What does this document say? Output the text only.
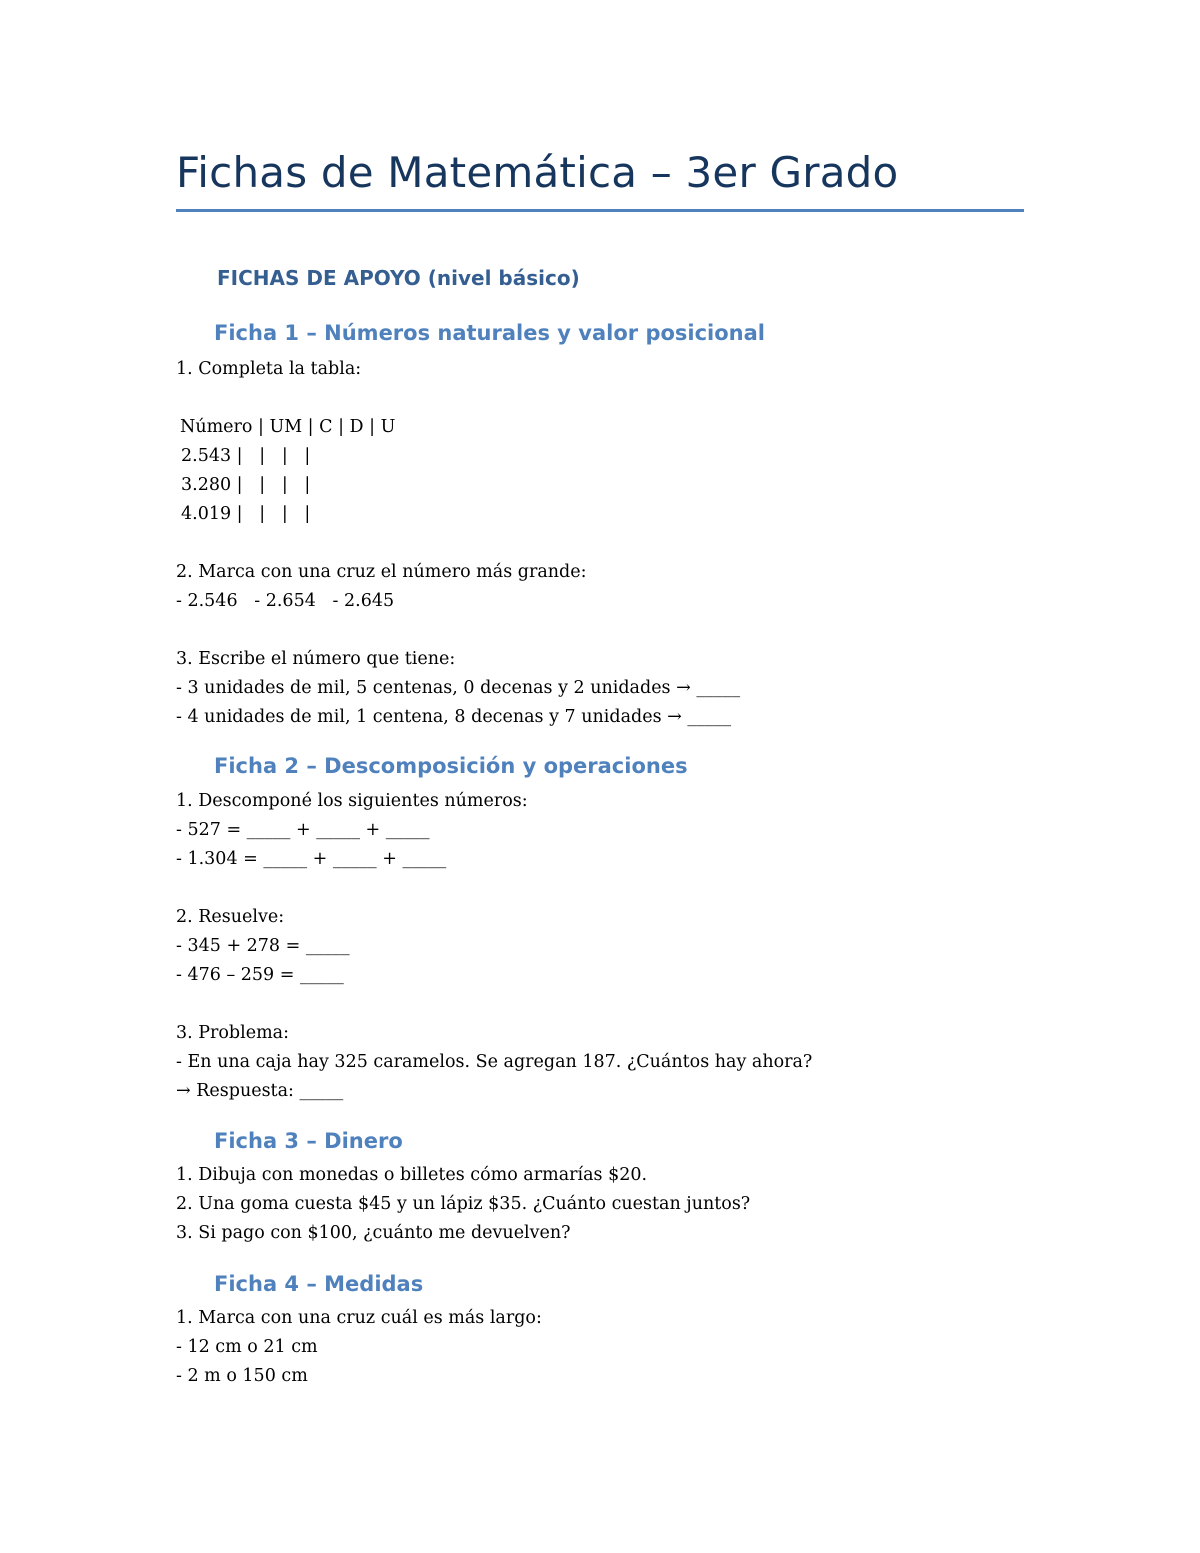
Fichas de Matemática – 3er Grado
FICHAS DE APOYO (nivel básico)
Ficha 1 – Números naturales y valor posicional
1. Completa la tabla:
Número | UM | C | D | U
2.543 |   |   |   |
3.280 |   |   |   |
4.019 |   |   |   |
2. Marca con una cruz el número más grande:
- 2.546   - 2.654   - 2.645
3. Escribe el número que tiene:
- 3 unidades de mil, 5 centenas, 0 decenas y 2 unidades → _____
- 4 unidades de mil, 1 centena, 8 decenas y 7 unidades → _____
Ficha 2 – Descomposición y operaciones
1. Descomponé los siguientes números:
- 527 = _____ + _____ + _____
- 1.304 = _____ + _____ + _____
2. Resuelve:
- 345 + 278 = _____
- 476 – 259 = _____
3. Problema:
- En una caja hay 325 caramelos. Se agregan 187. ¿Cuántos hay ahora?
→ Respuesta: _____
Ficha 3 – Dinero
1. Dibuja con monedas o billetes cómo armarías $20.
2. Una goma cuesta $45 y un lápiz $35. ¿Cuánto cuestan juntos?
3. Si pago con $100, ¿cuánto me devuelven?
Ficha 4 – Medidas
1. Marca con una cruz cuál es más largo:
- 12 cm o 21 cm
- 2 m o 150 cm
